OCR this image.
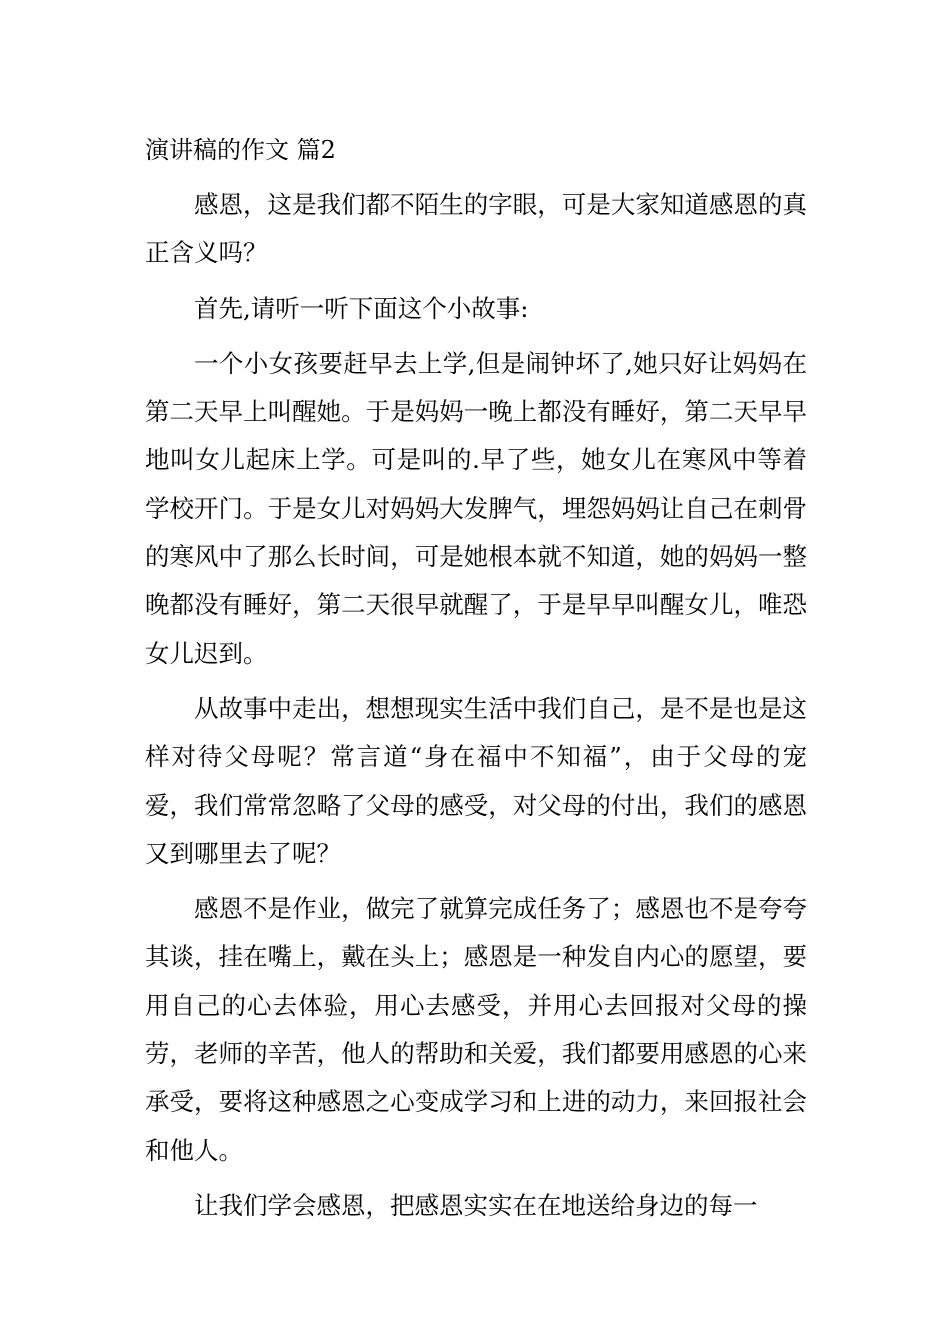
演讲稿的作文 篇2

感恩，这是我们都不陌生的字眼，可是大家知道感恩的真正含义吗？

首先,请听一听下面这个小故事:

一个小女孩要赶早去上学,但是闹钟坏了,她只好让妈妈在第二天早上叫醒她。于是妈妈一晚上都没有睡好，第二天早早地叫女儿起床上学。可是叫的.早了些，她女儿在寒风中等着学校开门。于是女儿对妈妈大发脾气，埋怨妈妈让自己在刺骨的寒风中了那么长时间，可是她根本就不知道，她的妈妈一整晚都没有睡好，第二天很早就醒了，于是早早叫醒女儿，唯恐女儿迟到。

从故事中走出，想想现实生活中我们自己，是不是也是这样对待父母呢？常言道“身在福中不知福”，由于父母的宠爱，我们常常忽略了父母的感受，对父母的付出，我们的感恩又到哪里去了呢？

感恩不是作业，做完了就算完成任务了；感恩也不是夸夸其谈，挂在嘴上，戴在头上；感恩是一种发自内心的愿望，要用自己的心去体验，用心去感受，并用心去回报对父母的操劳，老师的辛苦，他人的帮助和关爱，我们都要用感恩的心来承受，要将这种感恩之心变成学习和上进的动力，来回报社会和他人。

让我们学会感恩，把感恩实实在在地送给身边的每一
